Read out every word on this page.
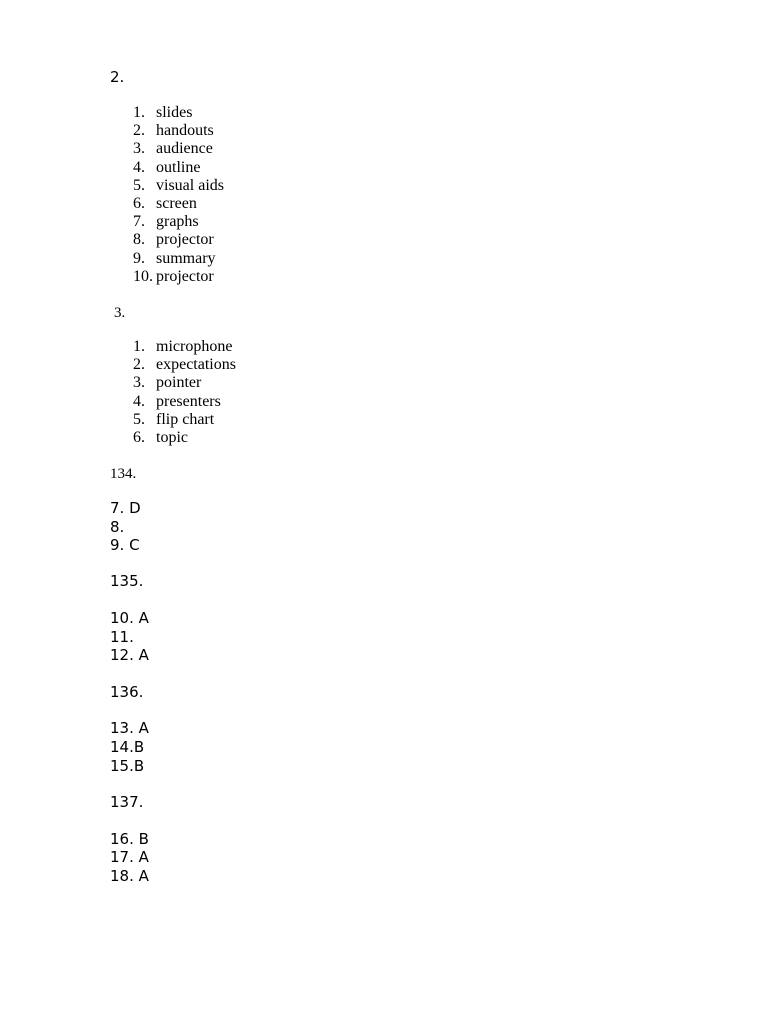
2.
1. slides
2. handouts
3. audience
4. outline
5. visual aids
6. screen
7. graphs
8. projector
9. summary
10. projector
3.
1. microphone
2. expectations
3. pointer
4. presenters
5. flip chart
6. topic
134.
7. D
8.
9. C
135.
10. A
11.
12. A
136.
13. A
14.B
15.B
137.
16. B
17. A
18. A
